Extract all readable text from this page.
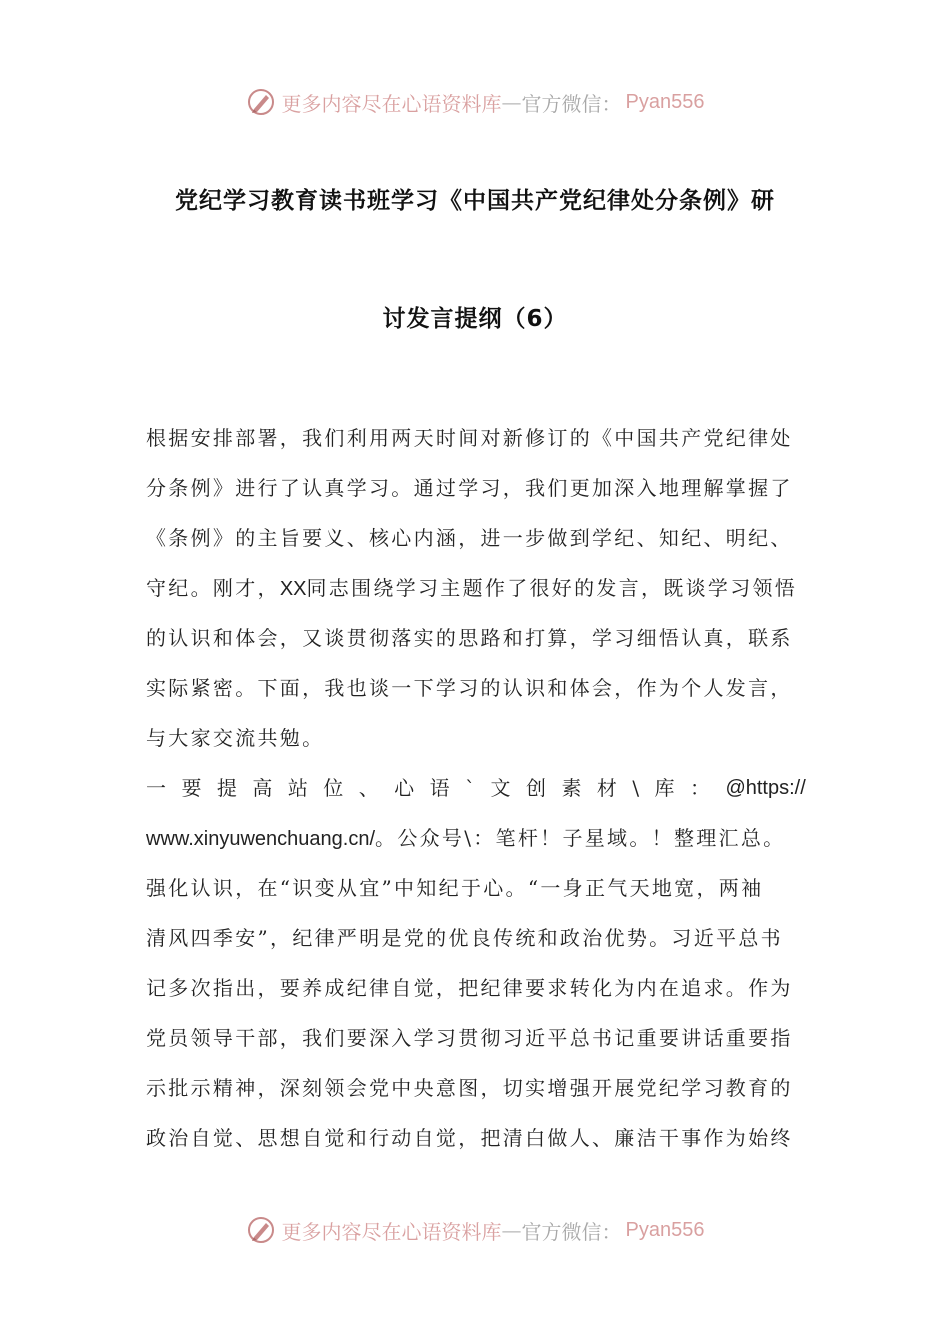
更多内容尽在心语资料库 — 官方微信： Pyan556
党纪学习教育读书班学习《中国共产党纪律处分条例》研
讨发言提纲（6）
根据安排部署，我们利用两天时间对新修订的《中国共产党纪律处
分条例》进行了认真学习。通过学习，我们更加深入地理解掌握了
《条例》的主旨要义、核心内涵，进一步做到学纪、知纪、明纪、
守纪。刚才，XX同志围绕学习主题作了很好的发言，既谈学习领悟
的认识和体会，又谈贯彻落实的思路和打算，学习细悟认真，联系
实际紧密。下面，我也谈一下学习的认识和体会，作为个人发言，
与大家交流共勉。
一 要 提 高 站 位 、 心 语 ` 文 创 素 材 \ 库 ： @https://
www.xinyuwenchuang.cn/。公众号\：笔杆！子星域。！整理汇总。
强化认识，在“识变从宜”中知纪于心。“一身正气天地宽，两袖
清风四季安”，纪律严明是党的优良传统和政治优势。习近平总书
记多次指出，要养成纪律自觉，把纪律要求转化为内在追求。作为
党员领导干部，我们要深入学习贯彻习近平总书记重要讲话重要指
示批示精神，深刻领会党中央意图，切实增强开展党纪学习教育的
政治自觉、思想自觉和行动自觉，把清白做人、廉洁干事作为始终
更多内容尽在心语资料库 — 官方微信： Pyan556
